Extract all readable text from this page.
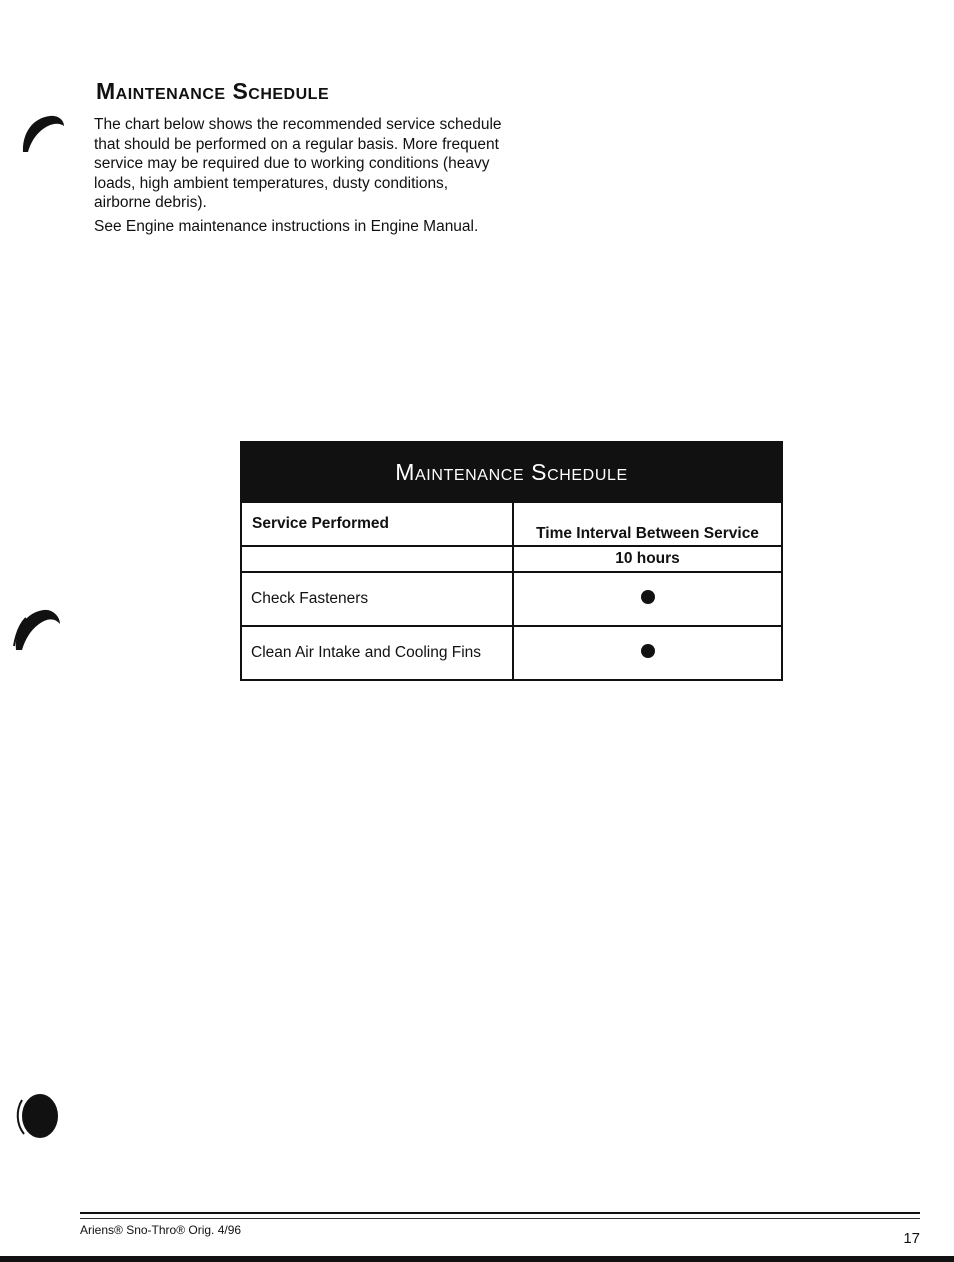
Maintenance Schedule

The chart below shows the recommended service schedule that should be performed on a regular basis. More frequent service may be required due to working conditions (heavy loads, high ambient temperatures, dusty conditions, airborne debris).

See Engine maintenance instructions in Engine Manual.

Maintenance Schedule	
Service Performed	Time Interval Between Service
	10 hours
Check Fasteners	
Clean Air Intake and Cooling Fins	
Ariens® Sno-Thro® Orig. 4/96	17
